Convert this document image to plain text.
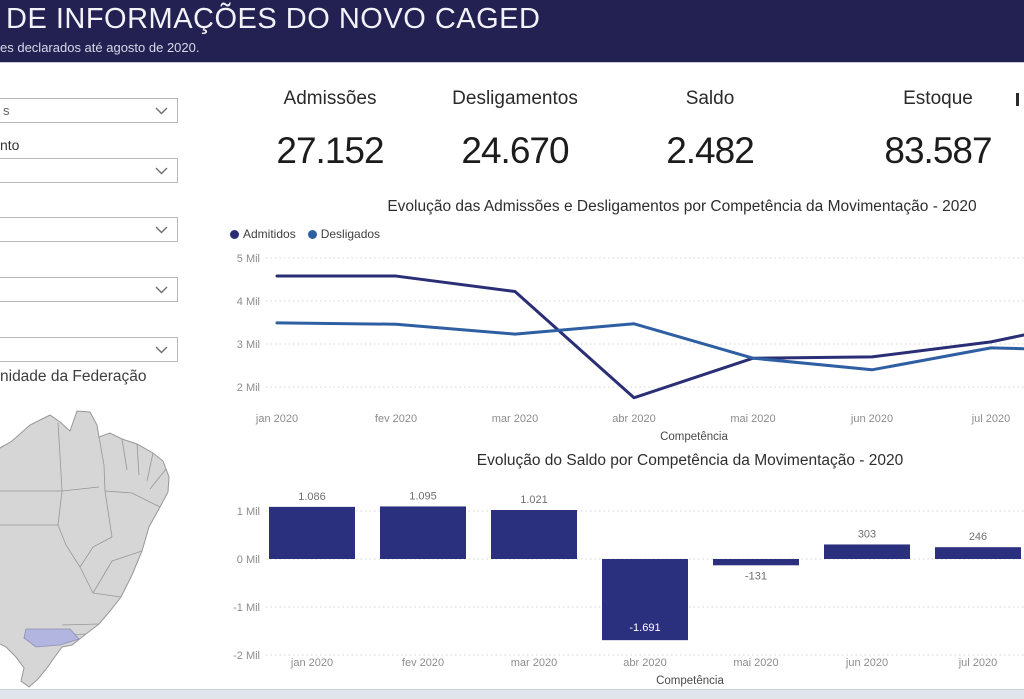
DE INFORMAÇÕES DO NOVO CAGED
es declarados até agosto de 2020.
s
nto
nidade da Federação
Admissões
27.152
Desligamentos
24.670
Saldo
2.482
Estoque
83.587
Evolução das Admissões e Desligamentos por Competência da Movimentação - 2020
Admitidos Desligados
5 Mil
4 Mil
3 Mil
2 Mil
jan 2020	fev 2020	mar 2020	abr 2020	mai 2020	jun 2020	jul 2020
Competência
Evolução do Saldo por Competência da Movimentação - 2020
1 Mil
0 Mil
-1 Mil
-2 Mil
1.086	1.095	1.021
-1.691
-131
303	246
jan 2020	fev 2020	mar 2020	abr 2020	mai 2020	jun 2020	jul 2020
Competência
